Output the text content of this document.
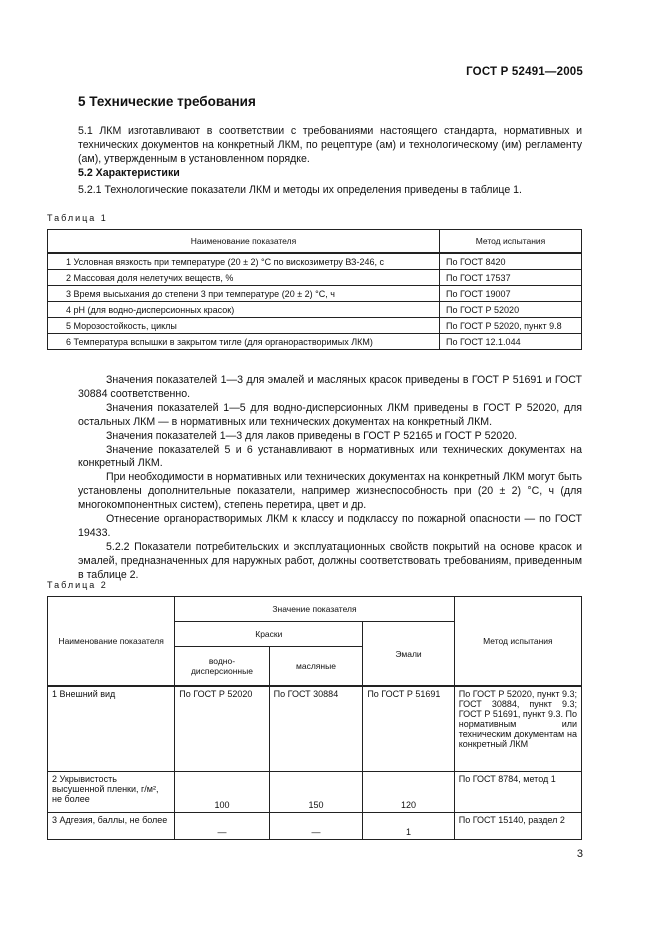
ГОСТ Р 52491—2005
5 Технические требования

5.1 ЛКМ изготавливают в соответствии с требованиями настоящего стандарта, нормативных и технических документов на конкретный ЛКМ, по рецептуре (ам) и технологическому (им) регламенту (ам), утвержденным в установленном порядке.

5.2 Характеристики
5.2.1 Технологические показатели ЛКМ и методы их определения приведены в таблице 1.
Таблица 1
Наименование показателя	Метод испытания
1 Условная вязкость при температуре (20 ± 2) °С по вискозиметру ВЗ-246, с	По ГОСТ 8420
2 Массовая доля нелетучих веществ, %	По ГОСТ 17537
3 Время высыхания до степени 3 при температуре (20 ± 2) °С, ч	По ГОСТ 19007
4 pH (для водно-дисперсионных красок)	По ГОСТ Р 52020
5 Морозостойкость, циклы	По ГОСТ Р 52020, пункт 9.8
6 Температура вспышки в закрытом тигле (для органорастворимых ЛКМ)	По ГОСТ 12.1.044

Значения показателей 1—3 для эмалей и масляных красок приведены в ГОСТ Р 51691 и ГОСТ 30884 соответственно.

Значения показателей 1—5 для водно-дисперсионных ЛКМ приведены в ГОСТ Р 52020, для остальных ЛКМ — в нормативных или технических документах на конкретный ЛКМ.

Значения показателей 1—3 для лаков приведены в ГОСТ Р 52165 и ГОСТ Р 52020.

Значение показателей 5 и 6 устанавливают в нормативных или технических документах на конкретный ЛКМ.

При необходимости в нормативных или технических документах на конкретный ЛКМ могут быть установлены дополнительные показатели, например жизнеспособность при (20 ± 2) °С, ч (для многокомпонентных систем), степень перетира, цвет и др.

Отнесение органорастворимых ЛКМ к классу и подклассу по пожарной опасности — по ГОСТ 19433.

5.2.2 Показатели потребительских и эксплуатационных свойств покрытий на основе красок и эмалей, предназначенных для наружных работ, должны соответствовать требованиям, приведенным в таблице 2.

Таблица 2
Наименование показателя	Значение показателя			Метод испытания
	Краски		Эмали	
	водно-дисперсионные	масляные		
1 Внешний вид	По ГОСТ Р 52020	По ГОСТ 30884	По ГОСТ Р 51691	По ГОСТ Р 52020, пункт 9.3; ГОСТ 30884, пункт 9.3; ГОСТ Р 51691, пункт 9.3. По нормативным или техническим документам на конкретный ЛКМ
2 Укрывистость высушенной пленки, г/м², не более	100	150	120	По ГОСТ 8784, метод 1
3 Адгезия, баллы, не более	—	—	1	По ГОСТ 15140, раздел 2
3
